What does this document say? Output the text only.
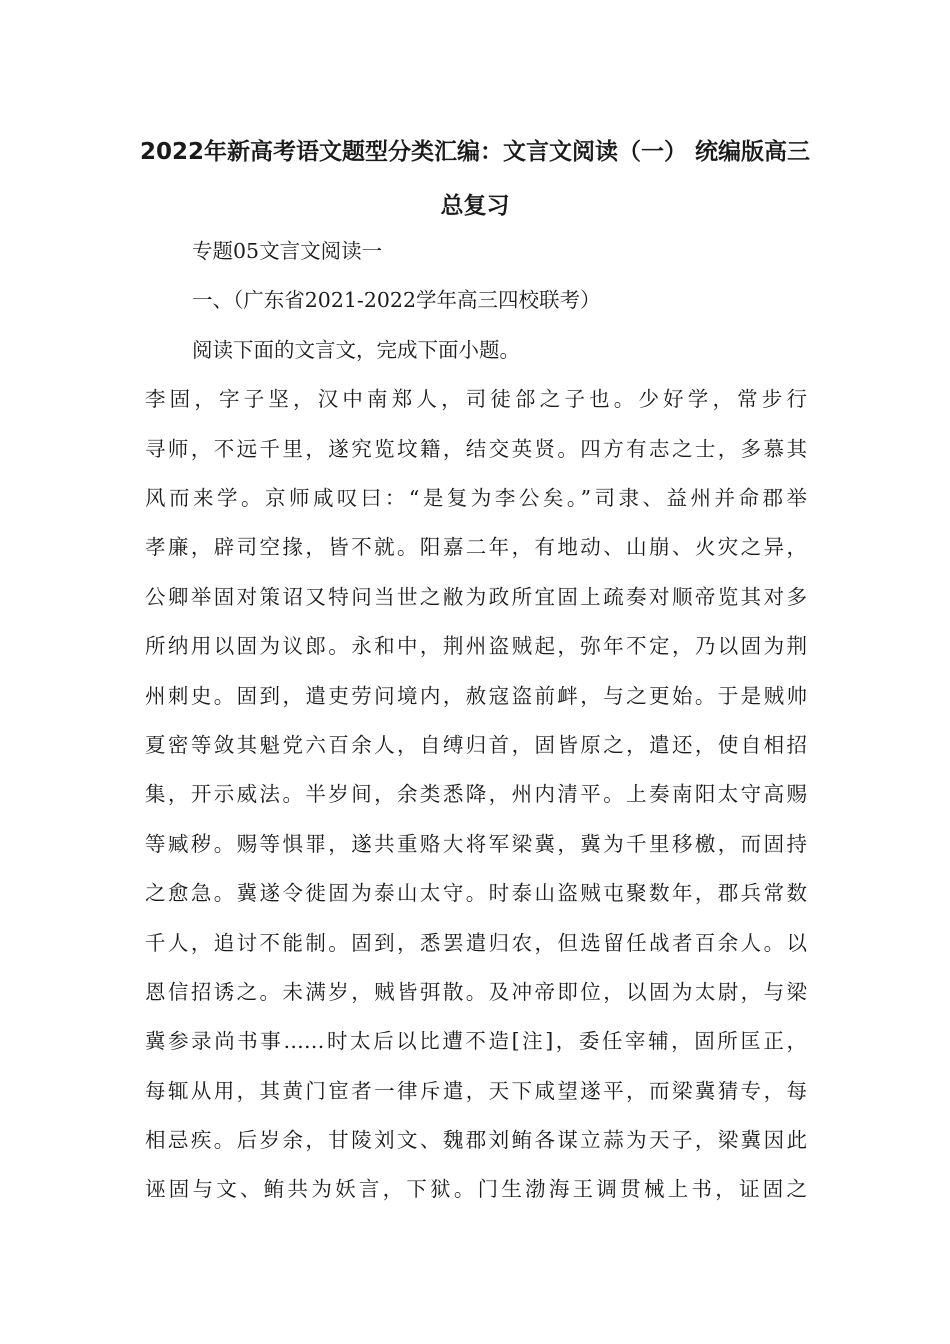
2022年新高考语文题型分类汇编：文言文阅读（一） 统编版高三
总复习

专题05文言文阅读一

一、（广东省2021-2022学年高三四校联考）

阅读下面的文言文，完成下面小题。

李固，字子坚，汉中南郑人，司徒郃之子也。少好学，常步行

寻师，不远千里，遂究览坟籍，结交英贤。四方有志之士，多慕其

风而来学。京师咸叹曰：“是复为李公矣。”司隶、益州并命郡举

孝廉，辟司空掾，皆不就。阳嘉二年，有地动、山崩、火灾之异，

公卿举固对策诏又特问当世之敝为政所宜固上疏奏对顺帝览其对多

所纳用以固为议郎。永和中，荆州盗贼起，弥年不定，乃以固为荆

州刺史。固到，遣吏劳问境内，赦寇盗前衅，与之更始。于是贼帅

夏密等敛其魁党六百余人，自缚归首，固皆原之，遣还，使自相招

集，开示威法。半岁间，余类悉降，州内清平。上奏南阳太守高赐

等臧秽。赐等惧罪，遂共重赂大将军梁冀，冀为千里移檄，而固持

之愈急。冀遂令徙固为泰山太守。时泰山盗贼屯聚数年，郡兵常数

千人，追讨不能制。固到，悉罢遣归农，但选留任战者百余人。以

恩信招诱之。未满岁，贼皆弭散。及冲帝即位，以固为太尉，与梁

冀参录尚书事……时太后以比遭不造[注]，委任宰辅，固所匡正，

每辄从用，其黄门宦者一律斥遣，天下咸望遂平，而梁冀猜专，每

相忌疾。后岁余，甘陵刘文、魏郡刘鲔各谋立蒜为天子，梁冀因此

诬固与文、鲔共为妖言，下狱。门生渤海王调贯械上书，证固之
